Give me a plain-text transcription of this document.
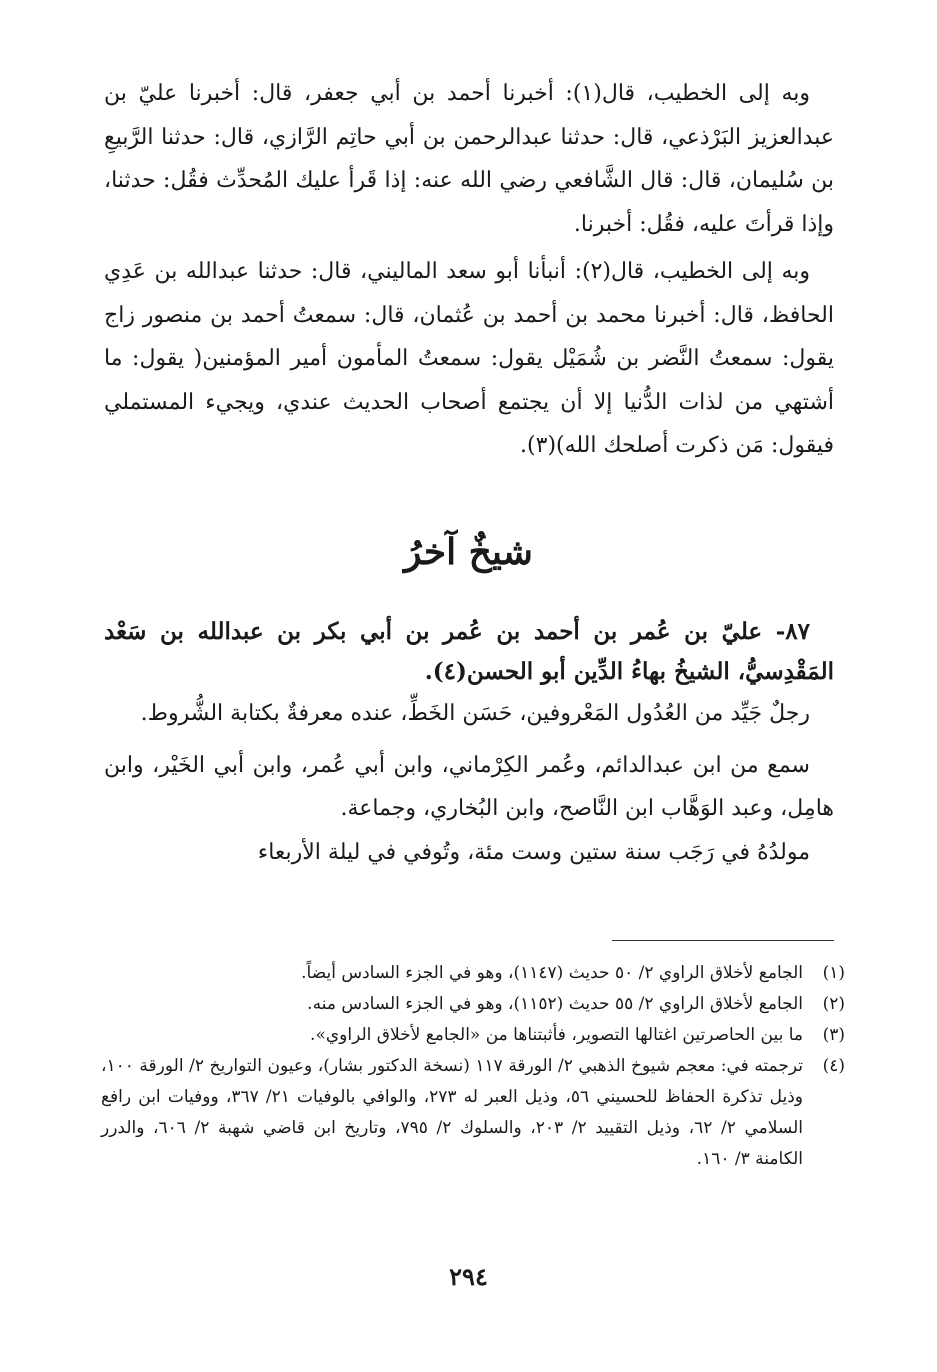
وبه إلى الخطيب، قال(١): أخبرنا أحمد بن أبي جعفر، قال: أخبرنا عليّ بن عبدالعزيز البَرْذعي، قال: حدثنا عبدالرحمن بن أبي حاتِم الرَّازي، قال: حدثنا الرَّبيعِ بن سُليمان، قال: قال الشَّافعي رضي الله عنه: إذا قَرأ عليك المُحدِّث فقُل: حدثنا، وإذا قرأتَ عليه، فقُل: أخبرنا.

وبه إلى الخطيب، قال(٢): أنبأنا أبو سعد الماليني، قال: حدثنا عبدالله بن عَدِي الحافظ، قال: أخبرنا محمد بن أحمد بن عُثمان، قال: سمعتُ أحمد بن منصور زاج يقول: سمعتُ النَّضر بن شُمَيْل يقول: سمعتُ المأمون أمير المؤمنين( يقول: ما أشتهي من لذات الدُّنيا إلا أن يجتمع أصحاب الحديث عندي، ويجيء المستملي فيقول: مَن ذكرت أصلحك الله)(٣).

شيخٌ آخرُ

٨٧- عليّ بن عُمر بن أحمد بن عُمر بن أبي بكر بن عبدالله بن سَعْد المَقْدِسيُّ، الشيخُ بهاءُ الدِّين أبو الحسن(٤).

رجلٌ جَيِّد من العُدُول المَعْروفين، حَسَن الخَطِّ، عنده معرفةٌ بكتابة الشُّروط.

سمع من ابن عبدالدائم، وعُمر الكِرْماني، وابن أبي عُمر، وابن أبي الخَيْر، وابن هامِل، وعبد الوَهَّاب ابن النَّاصح، وابن البُخاري، وجماعة.

مولدُهُ في رَجَب سنة ستين وست مئة، وتُوفي في ليلة الأربعاء

(١)
الجامع لأخلاق الراوي ٢/ ٥٠ حديث (١١٤٧)، وهو في الجزء السادس أيضاً.
(٢)
الجامع لأخلاق الراوي ٢/ ٥٥ حديث (١١٥٢)، وهو في الجزء السادس منه.
(٣)
ما بين الحاصرتين اغتالها التصوير، فأثبتناها من «الجامع لأخلاق الراوي».
(٤)
ترجمته في: معجم شيوخ الذهبي ٢/ الورقة ١١٧ (نسخة الدكتور بشار)، وعيون التواريخ ٢/ الورقة ١٠٠، وذيل تذكرة الحفاظ للحسيني ٥٦، وذيل العبر له ٢٧٣، والوافي بالوفيات ٢١/ ٣٦٧، ووفيات ابن رافع السلامي ٢/ ٦٢، وذيل التقييد ٢/ ٢٠٣، والسلوك ٢/ ٧٩٥، وتاريخ ابن قاضي شهبة ٢/ ٦٠٦، والدرر الكامنة ٣/ ١٦٠.
٢٩٤
